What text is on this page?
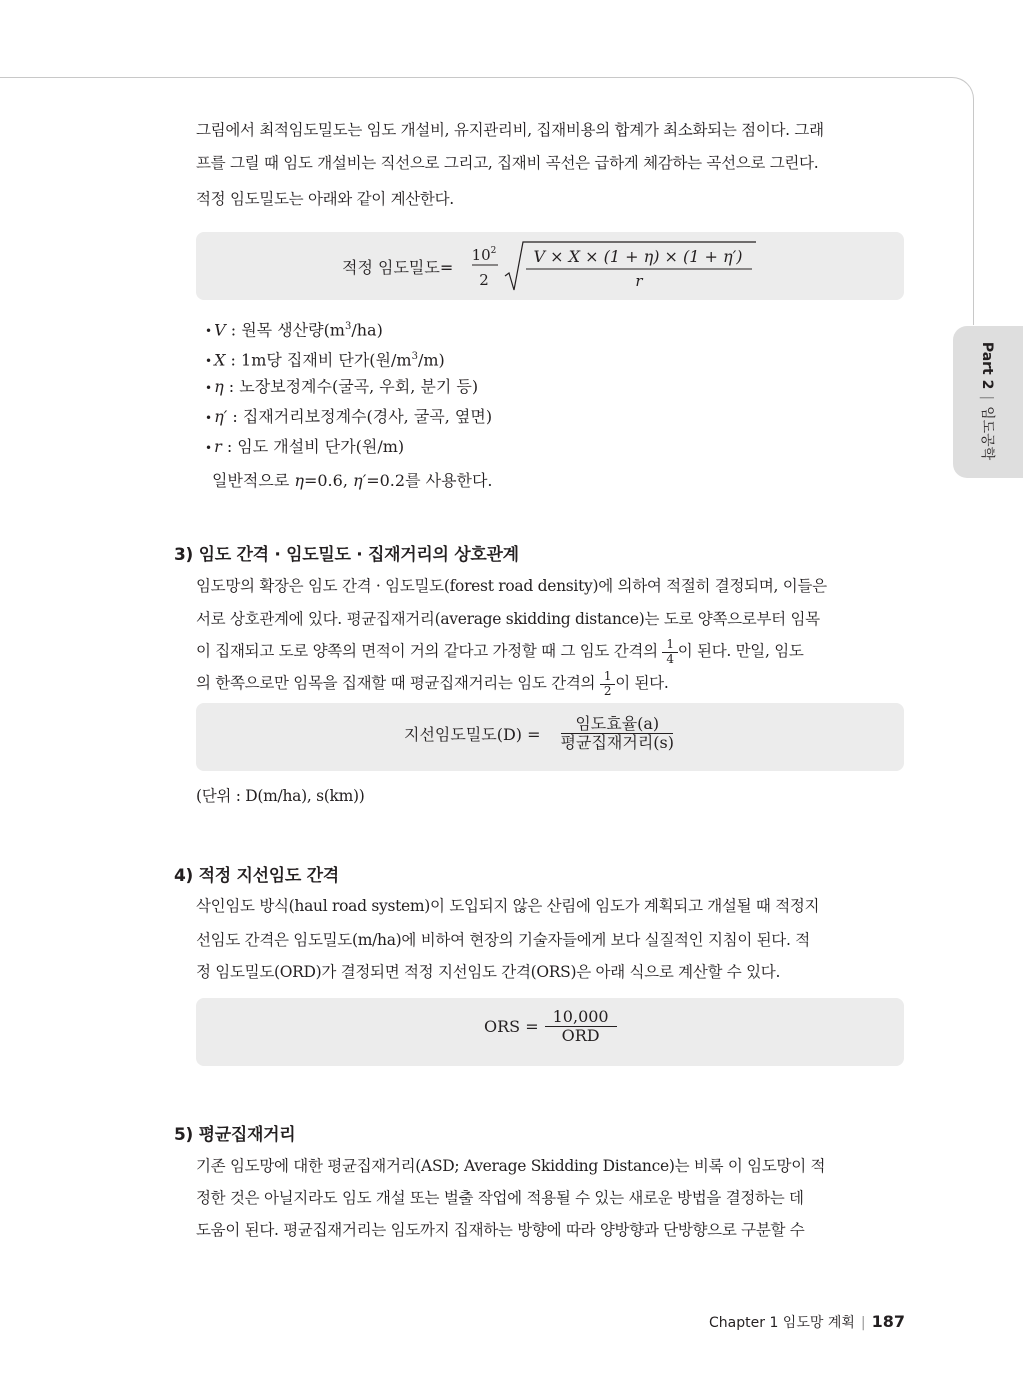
Part 2|임도공학

그림에서 최적임도밀도는 임도 개설비, 유지관리비, 집재비용의 합계가 최소화되는 점이다. 그래

프를 그릴 때 임도 개설비는 직선으로 그리고, 집재비 곡선은 급하게 체감하는 곡선으로 그린다.

적정 임도밀도는 아래와 같이 계산한다.

적정 임도밀도=
$10^2$
2
V × X × (1 + η) × (1 + η′)
r
• V : 원목 생산량$(m^3/ha)$
• X : 1m당 집재비 단가(원$/m^3/m$)
• η : 노장보정계수(굴곡, 우회, 분기 등)
• η′ : 집재거리보정계수(경사, 굴곡, 옆면)
• r : 임도 개설비 단가(원/m)
일반적으로 η=0.6, η′=0.2를 사용한다.
3) 임도 간격 · 임도밀도 · 집재거리의 상호관계

임도망의 확장은 임도 간격 · 임도밀도(forest road density)에 의하여 적절히 결정되며, 이들은

서로 상호관계에 있다. 평균집재거리(average skidding distance)는 도로 양쪽으로부터 임목

이 집재되고 도로 양쪽의 면적이 거의 같다고 가정할 때 그 임도 간격의 $\frac{1}{4}$ 이 된다. 만일, 임도

의 한쪽으로만 임목을 집재할 때 평균집재거리는 임도 간격의 $\frac{1}{2}$ 이 된다.

지선임도밀도$(D) = \frac{\text{임도효율(a)}}{\text{평균집재거리(s)}}$

(단위 : D(m/ha), s(km))

4) 적정 지선임도 간격

삭인임도 방식(haul road system)이 도입되지 않은 산림에 임도가 계획되고 개설될 때 적정지

선임도 간격은 임도밀도(m/ha)에 비하여 현장의 기술자들에게 보다 실질적인 지침이 된다. 적

정 임도밀도(ORD)가 결정되면 적정 지선임도 간격(ORS)은 아래 식으로 계산할 수 있다.

ORS = $\frac{10,000}{\text{ORD}}$
5) 평균집재거리

기존 임도망에 대한 평균집재거리(ASD; Average Skidding Distance)는 비록 이 임도망이 적

정한 것은 아닐지라도 임도 개설 또는 벌출 작업에 적용될 수 있는 새로운 방법을 결정하는 데

도움이 된다. 평균집재거리는 임도까지 집재하는 방향에 따라 양방향과 단방향으로 구분할 수

Chapter 1 임도망 계획 | 187
